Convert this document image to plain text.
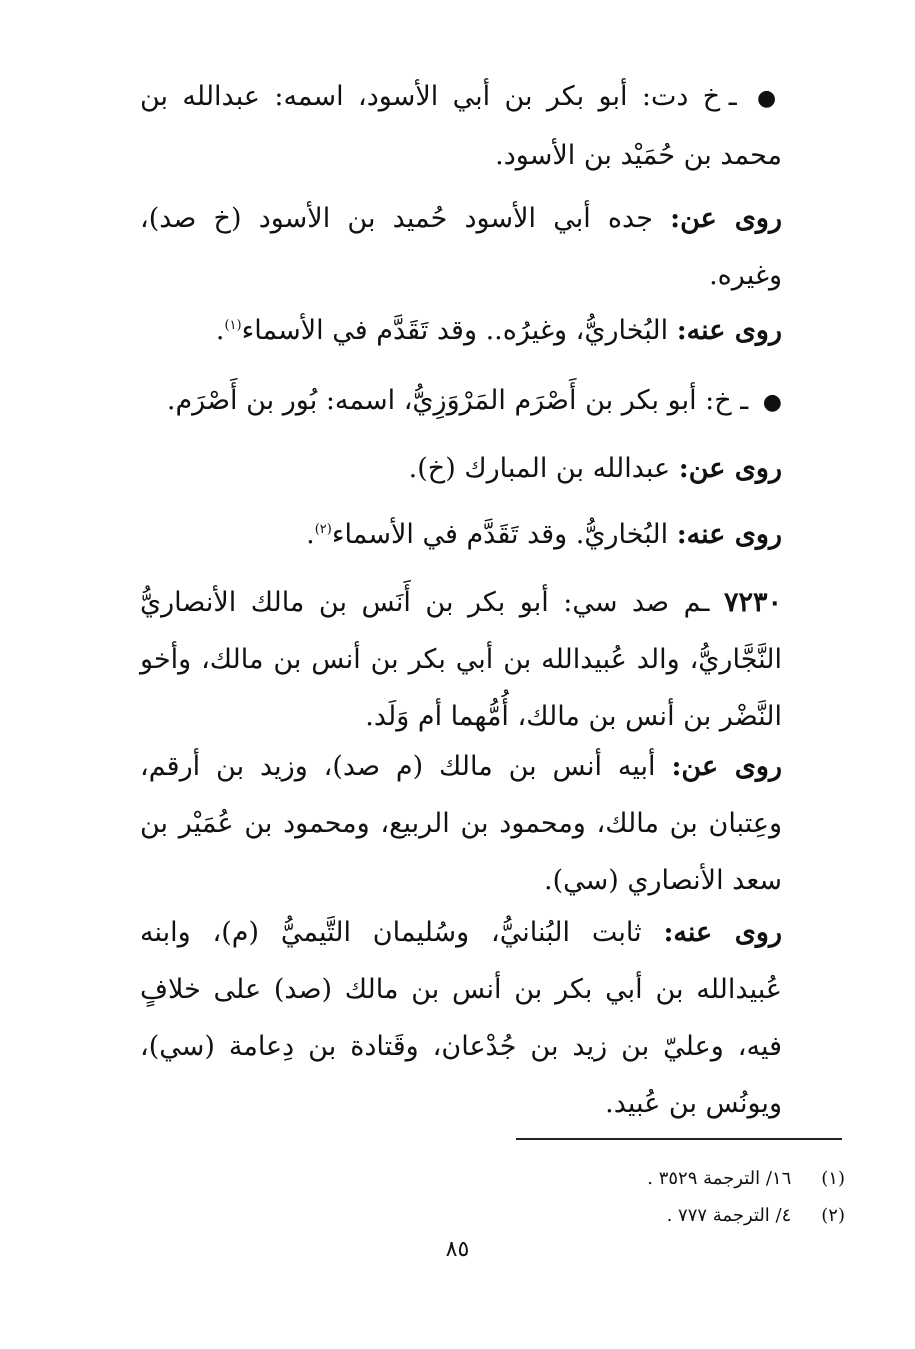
● ـ خ دت: أبو بكر بن أبي الأسود، اسمه: عبدالله بن محمد بن حُمَيْد بن الأسود.

روى عن: جده أبي الأسود حُميد بن الأسود (خ صد)، وغيره.

روى عنه: البُخاريُّ، وغيرُه.. وقد تَقَدَّم في الأسماء$^{(١)}$.

● ـ خ: أبو بكر بن أَصْرَم المَرْوَزِيُّ، اسمه: بُور بن أَصْرَم.

روى عن: عبدالله بن المبارك (خ).

روى عنه: البُخاريُّ. وقد تَقَدَّم في الأسماء$^{(٢)}$.

٧٢٣٠ ـم صد سي: أبو بكر بن أَنَس بن مالك الأنصاريُّ النَّجَّاريُّ، والد عُبيدالله بن أبي بكر بن أنس بن مالك، وأخو النَّضْر بن أنس بن مالك، أُمُّهما أم وَلَد.

روى عن: أبيه أنس بن مالك (م صد)، وزيد بن أرقم، وعِتبان بن مالك، ومحمود بن الربيع، ومحمود بن عُمَيْر بن سعد الأنصاري (سي).

روى عنه: ثابت البُنانيُّ، وسُليمان التَّيميُّ (م)، وابنه عُبيدالله بن أبي بكر بن أنس بن مالك (صد) على خلافٍ فيه، وعليّ بن زيد بن جُدْعان، وقَتادة بن دِعامة (سي)، ويونُس بن عُبيد.

(١) ١٦/ الترجمة ٣٥٢٩ .
(٢) ٤/ الترجمة ٧٧٧ .
٨٥
